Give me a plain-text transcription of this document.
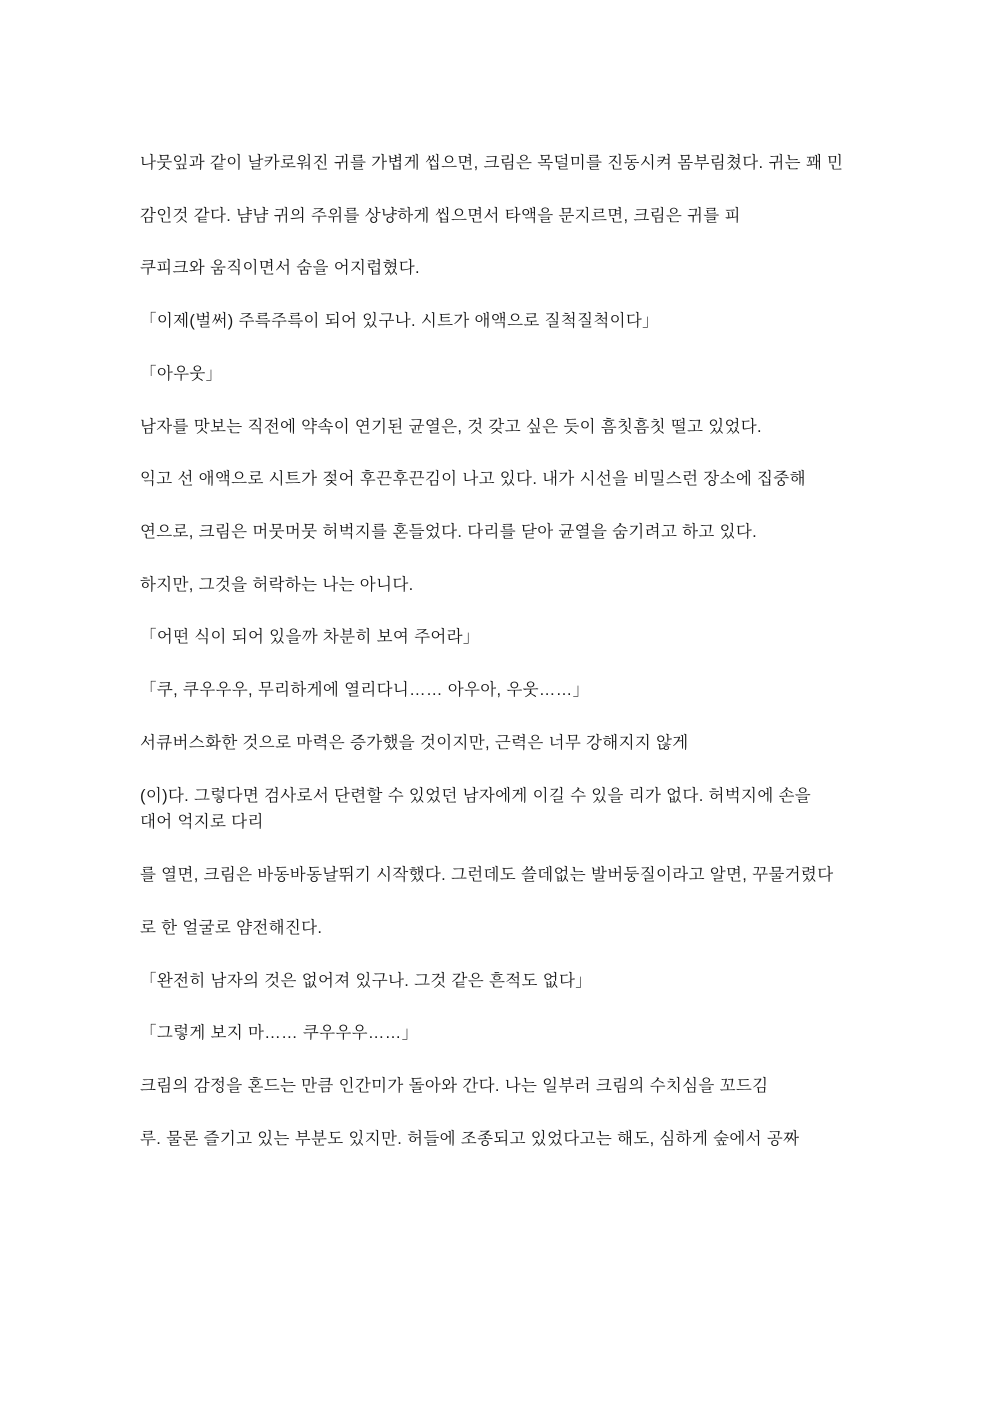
나뭇잎과 같이 날카로워진 귀를 가볍게 씹으면, 크림은 목덜미를 진동시켜 몸부림쳤다. 귀는 꽤 민

감인것 같다. 냠냠 귀의 주위를 상냥하게 씹으면서 타액을 문지르면, 크림은 귀를 피

쿠피크와 움직이면서 숨을 어지럽혔다.

「이제(벌써) 주륵주륵이 되어 있구나. 시트가 애액으로 질척질척이다」

「아우웃」

남자를 맛보는 직전에 약속이 연기된 균열은, 것 갖고 싶은 듯이 흠칫흠칫 떨고 있었다.

익고 선 애액으로 시트가 젖어 후끈후끈김이 나고 있다. 내가 시선을 비밀스런 장소에 집중해

연으로, 크림은 머뭇머뭇 허벅지를 혼들었다. 다리를 닫아 균열을 숨기려고 하고 있다.

하지만, 그것을 허락하는 나는 아니다.

「어떤 식이 되어 있을까 차분히 보여 주어라」

「쿠, 쿠우우우, 무리하게에 열리다니…… 아우아, 우웃……」

서큐버스화한 것으로 마력은 증가했을 것이지만, 근력은 너무 강해지지 않게

(이)다. 그렇다면 검사로서 단련할 수 있었던 남자에게 이길 수 있을 리가 없다. 허벅지에 손을 대어 억지로 다리

를 열면, 크림은 바동바동날뛰기 시작했다. 그런데도 쓸데없는 발버둥질이라고 알면, 꾸물거렸다

로 한 얼굴로 얌전해진다.

「완전히 남자의 것은 없어져 있구나. 그것 같은 흔적도 없다」

「그렇게 보지 마…… 쿠우우우……」

크림의 감정을 혼드는 만큼 인간미가 돌아와 간다. 나는 일부러 크림의 수치심을 꼬드김

루. 물론 즐기고 있는 부분도 있지만. 허들에 조종되고 있었다고는 해도, 심하게 숲에서 공짜
